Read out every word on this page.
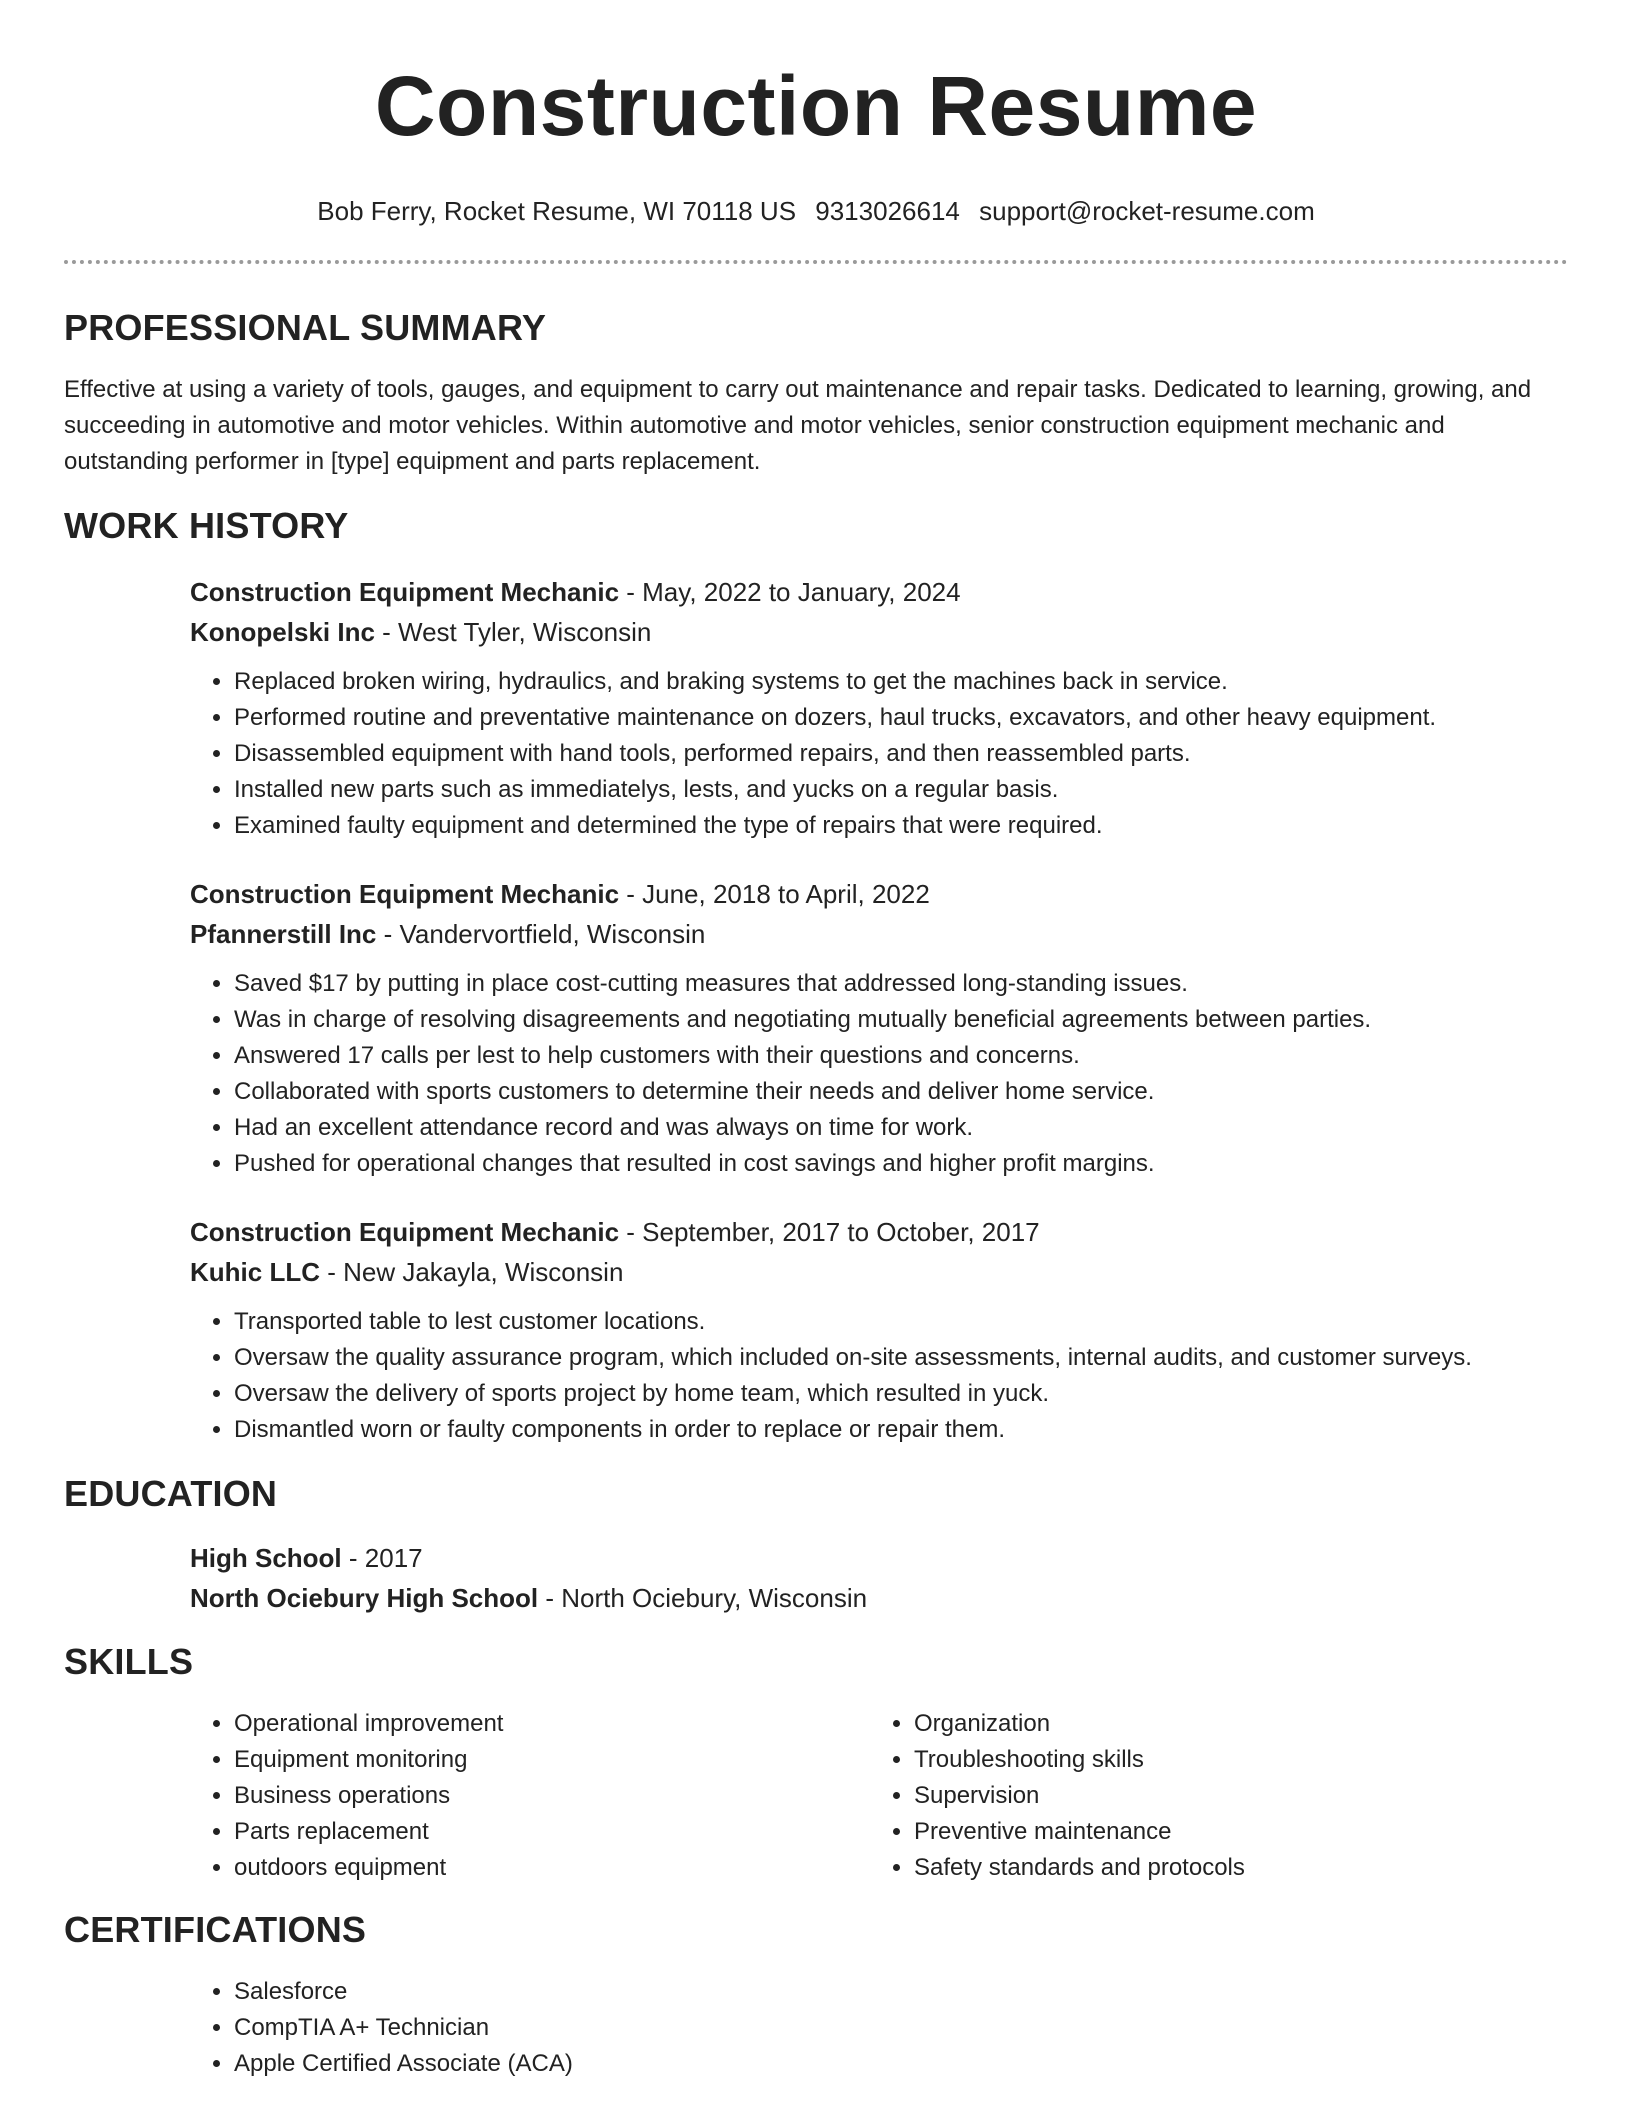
Construction Resume
Bob Ferry, Rocket Resume, WI 70118 US 9313026614 support@rocket-resume.com
PROFESSIONAL SUMMARY

Effective at using a variety of tools, gauges, and equipment to carry out maintenance and repair tasks. Dedicated to learning, growing, and succeeding in automotive and motor vehicles. Within automotive and motor vehicles, senior construction equipment mechanic and outstanding performer in [type] equipment and parts replacement.

WORK HISTORY

Construction Equipment Mechanic - May, 2022 to January, 2024

Konopelski Inc - West Tyler, Wisconsin

• Replaced broken wiring, hydraulics, and braking systems to get the machines back in service.
• Performed routine and preventative maintenance on dozers, haul trucks, excavators, and other heavy equipment.
• Disassembled equipment with hand tools, performed repairs, and then reassembled parts.
• Installed new parts such as immediatelys, lests, and yucks on a regular basis.
• Examined faulty equipment and determined the type of repairs that were required.

Construction Equipment Mechanic - June, 2018 to April, 2022

Pfannerstill Inc - Vandervortfield, Wisconsin

• Saved $17 by putting in place cost-cutting measures that addressed long-standing issues.
• Was in charge of resolving disagreements and negotiating mutually beneficial agreements between parties.
• Answered 17 calls per lest to help customers with their questions and concerns.
• Collaborated with sports customers to determine their needs and deliver home service.
• Had an excellent attendance record and was always on time for work.
• Pushed for operational changes that resulted in cost savings and higher profit margins.

Construction Equipment Mechanic - September, 2017 to October, 2017

Kuhic LLC - New Jakayla, Wisconsin

• Transported table to lest customer locations.
• Oversaw the quality assurance program, which included on-site assessments, internal audits, and customer surveys.
• Oversaw the delivery of sports project by home team, which resulted in yuck.
• Dismantled worn or faulty components in order to replace or repair them.
EDUCATION

High School - 2017

North Ociebury High School - North Ociebury, Wisconsin

SKILLS
• Operational improvement
• Equipment monitoring
• Business operations
• Parts replacement
• outdoors equipment
• Organization
• Troubleshooting skills
• Supervision
• Preventive maintenance
• Safety standards and protocols
CERTIFICATIONS
• Salesforce
• CompTIA A+ Technician
• Apple Certified Associate (ACA)
